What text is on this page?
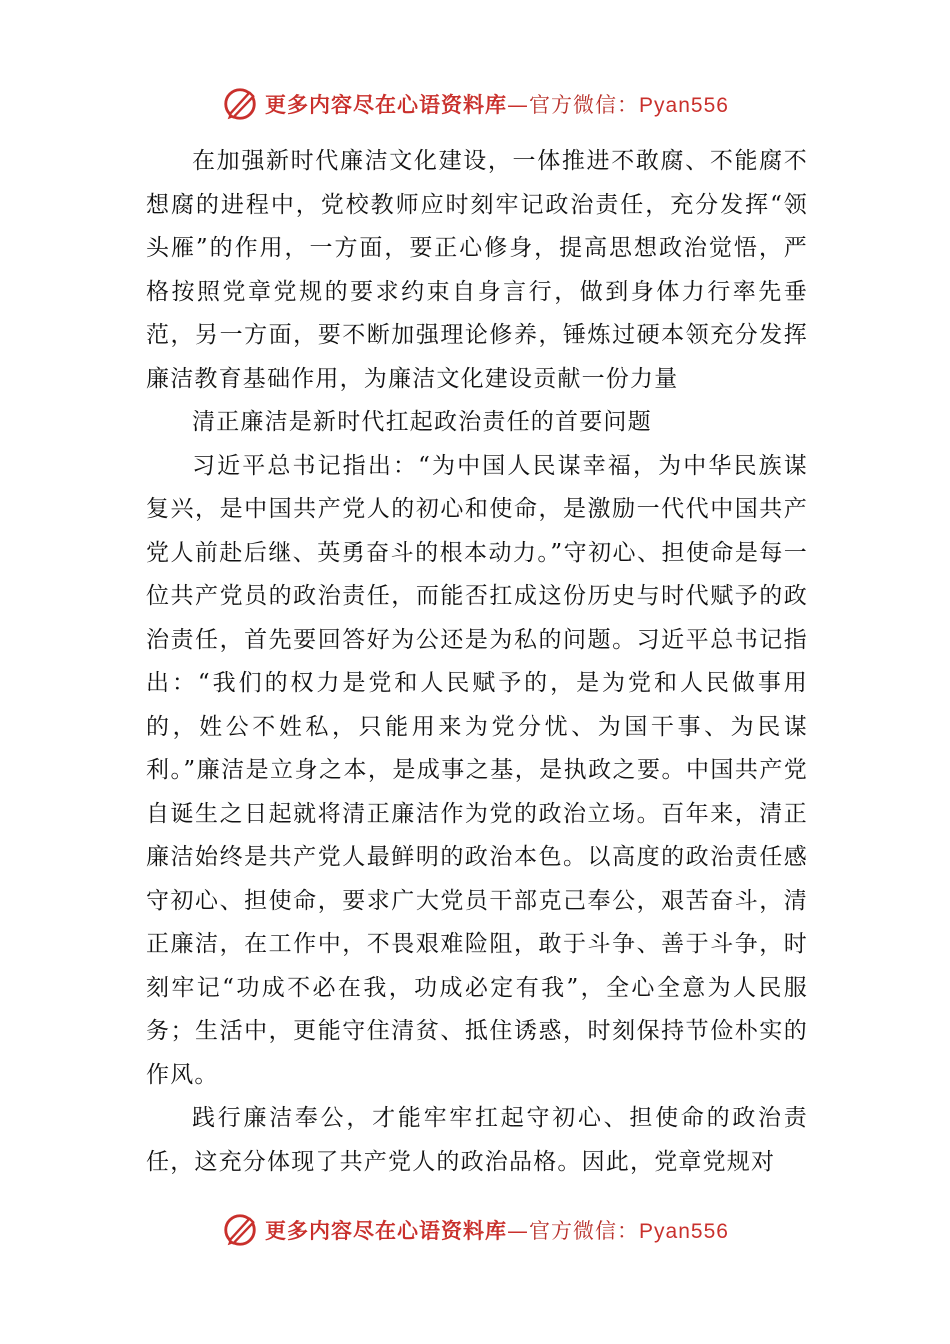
更多内容尽在心语资料库—官方微信：Pyan556

在加强新时代廉洁文化建设，一体推进不敢腐、不能腐不想腐的进程中，党校教师应时刻牢记政治责任，充分发挥“领头雁”的作用，一方面，要正心修身，提高思想政治觉悟，严格按照党章党规的要求约束自身言行，做到身体力行率先垂范，另一方面，要不断加强理论修养，锤炼过硬本领充分发挥廉洁教育基础作用，为廉洁文化建设贡献一份力量

清正廉洁是新时代扛起政治责任的首要问题

习近平总书记指出：“为中国人民谋幸福，为中华民族谋复兴，是中国共产党人的初心和使命，是激励一代代中国共产党人前赴后继、英勇奋斗的根本动力。”守初心、担使命是每一位共产党员的政治责任，而能否扛成这份历史与时代赋予的政治责任，首先要回答好为公还是为私的问题。习近平总书记指出：“我们的权力是党和人民赋予的，是为党和人民做事用的，姓公不姓私，只能用来为党分忧、为国干事、为民谋利。”廉洁是立身之本，是成事之基，是执政之要。中国共产党自诞生之日起就将清正廉洁作为党的政治立场。百年来，清正廉洁始终是共产党人最鲜明的政治本色。以高度的政治责任感守初心、担使命，要求广大党员干部克己奉公，艰苦奋斗，清正廉洁，在工作中，不畏艰难险阻，敢于斗争、善于斗争，时刻牢记“功成不必在我，功成必定有我”，全心全意为人民服务；生活中，更能守住清贫、抵住诱惑，时刻保持节俭朴实的作风。

践行廉洁奉公，才能牢牢扛起守初心、担使命的政治责任，这充分体现了共产党人的政治品格。因此，党章党规对

更多内容尽在心语资料库—官方微信：Pyan556
